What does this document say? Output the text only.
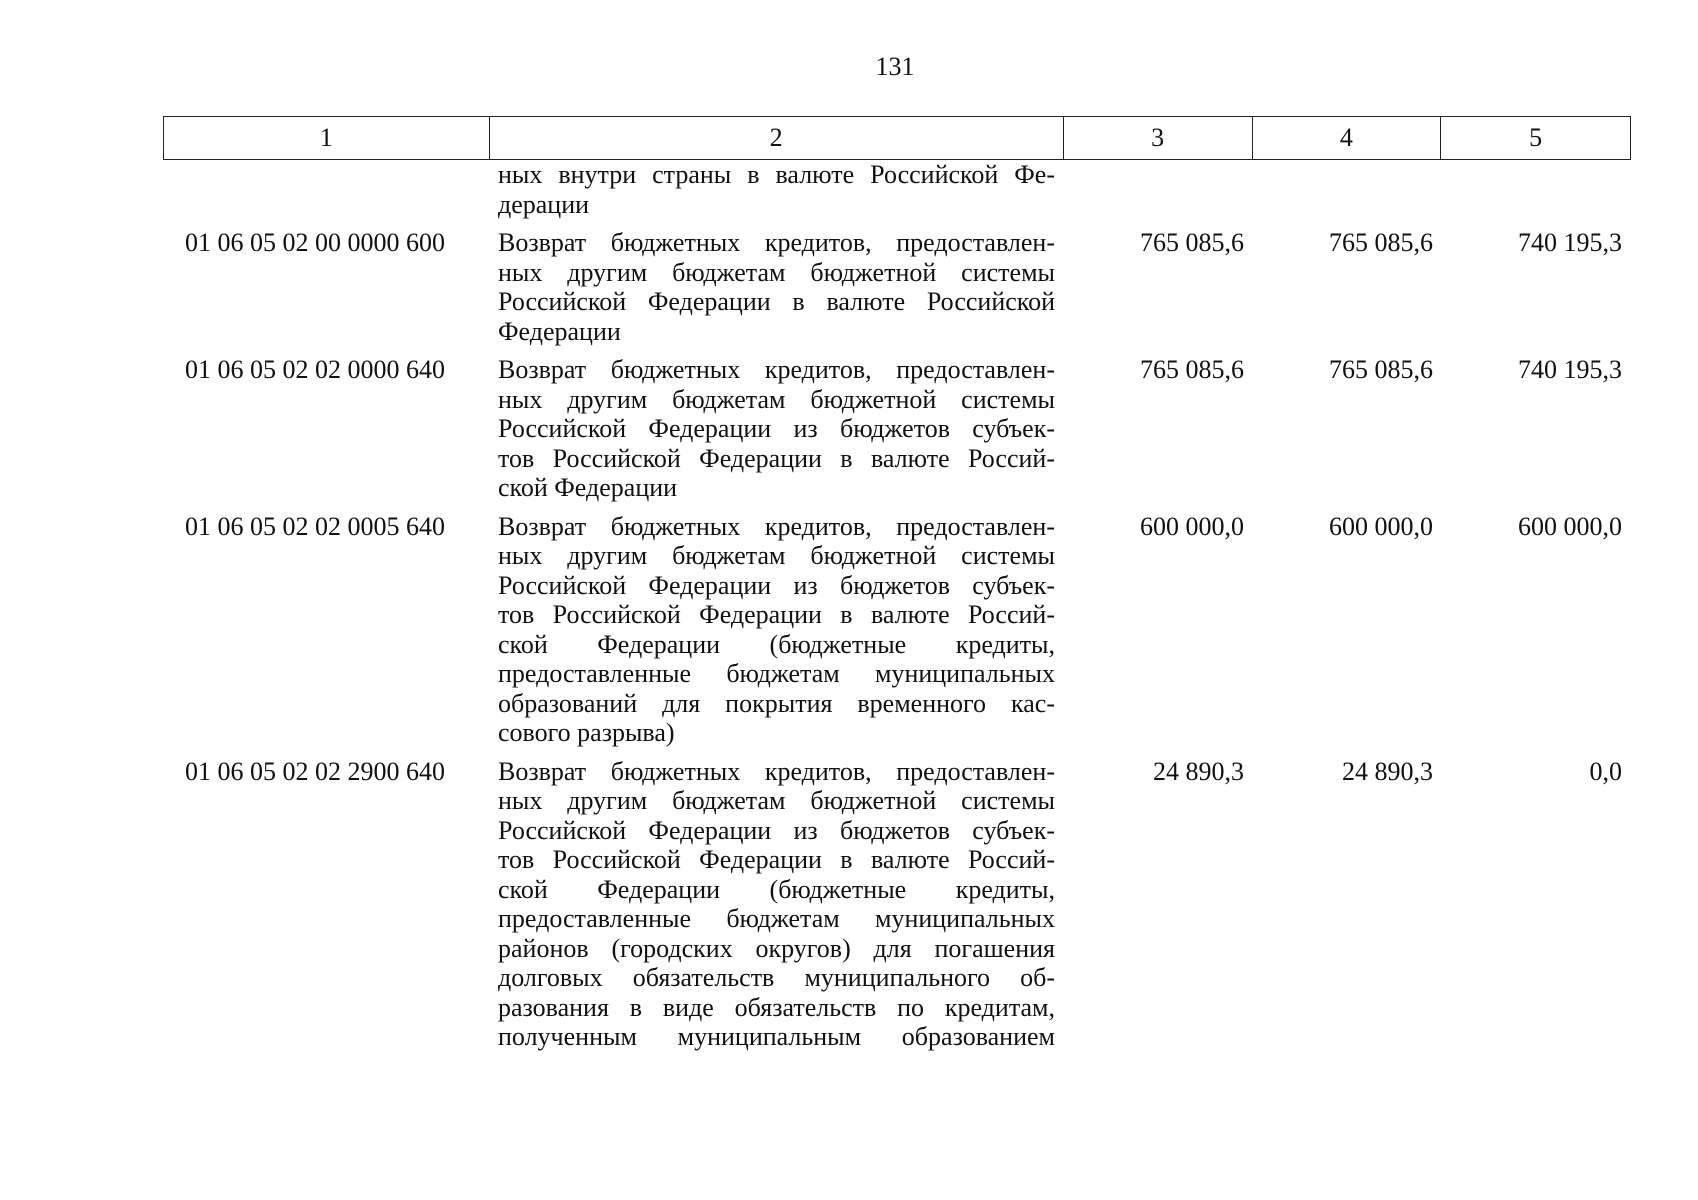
131
1	2	3	4	5
ных внутри страны в валюте Российской Фе-
дерации
01 06 05 02 00 0000 600	Возврат бюджетных кредитов, предоставлен-
ных другим бюджетам бюджетной системы
Российской Федерации в валюте Российской
Федерации
765 085,6	765 085,6	740 195,3
01 06 05 02 02 0000 640	Возврат бюджетных кредитов, предоставлен-
ных другим бюджетам бюджетной системы
Российской Федерации из бюджетов субъек-
тов Российской Федерации в валюте Россий-
ской Федерации
765 085,6	765 085,6	740 195,3
01 06 05 02 02 0005 640	Возврат бюджетных кредитов, предоставлен-
ных другим бюджетам бюджетной системы
Российской Федерации из бюджетов субъек-
тов Российской Федерации в валюте Россий-
ской Федерации (бюджетные кредиты,
предоставленные бюджетам муниципальных
образований для покрытия временного кас-
сового разрыва)
600 000,0	600 000,0	600 000,0
01 06 05 02 02 2900 640	Возврат бюджетных кредитов, предоставлен-
ных другим бюджетам бюджетной системы
Российской Федерации из бюджетов субъек-
тов Российской Федерации в валюте Россий-
ской Федерации (бюджетные кредиты,
предоставленные бюджетам муниципальных
районов (городских округов) для погашения
долговых обязательств муниципального об-
разования в виде обязательств по кредитам,
полученным муниципальным образованием
24 890,3	24 890,3	0,0
